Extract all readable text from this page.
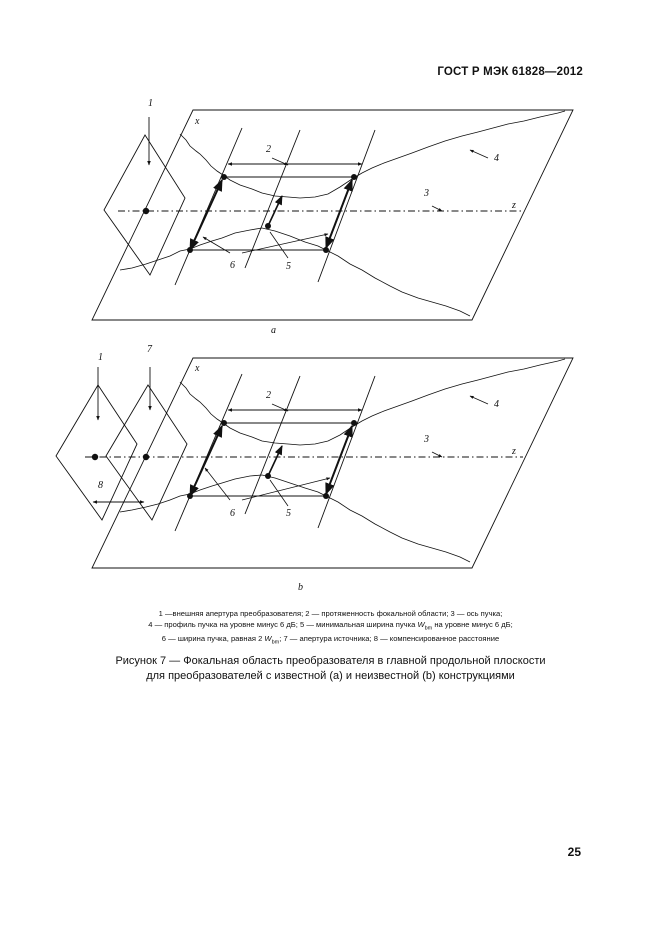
ГОСТ Р МЭК 61828—2012
1
x
2
4
3
z
6	5
a
1
7
x
2
4
3
z
8
6	5
b
1 —внешняя апертура преобразователя; 2 — протяженность фокальной области; 3 — ось пучка;
4 — профиль пучка на уровне минус 6 дБ; 5 — минимальная ширина пучка $W_{bm}$ на уровне минус 6 дБ;
6 — ширина пучка, равная 2 $W_{bm}$; 7 — апертура источника; 8 — компенсированное расстояние
Рисунок 7 — Фокальная область преобразователя в главной продольной плоскости
для преобразователей с известной (a) и неизвестной (b) конструкциями
25
